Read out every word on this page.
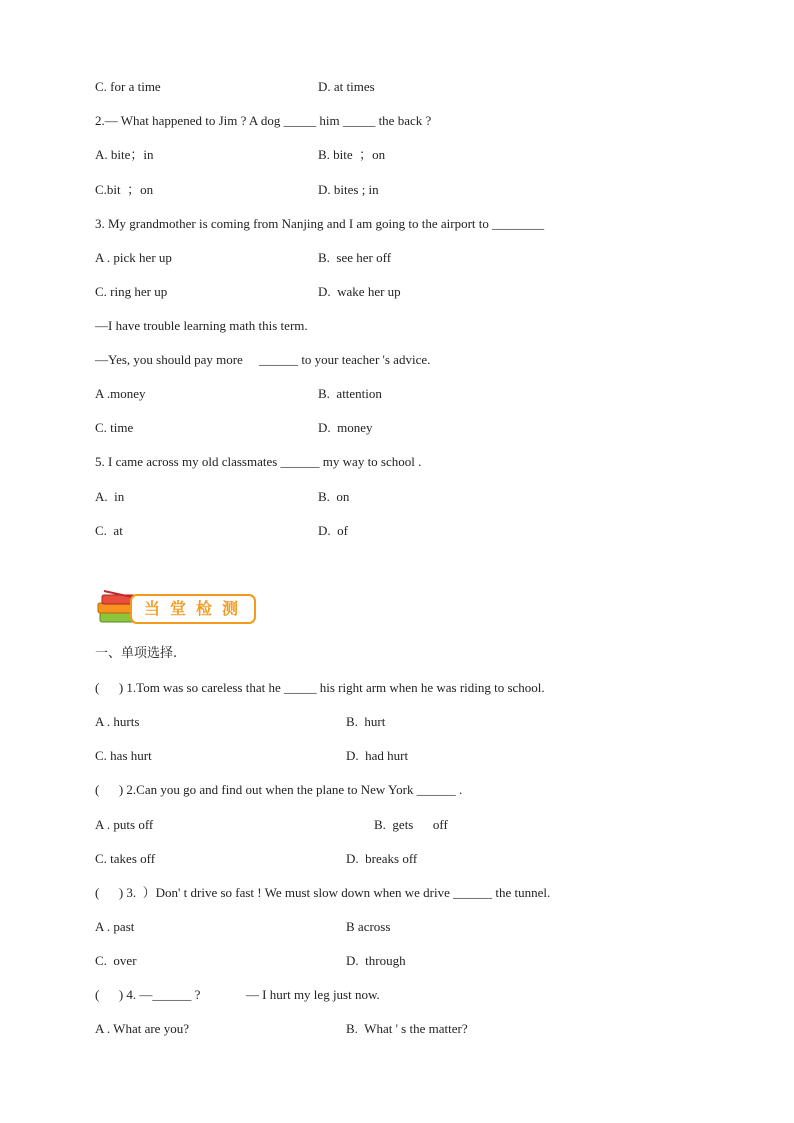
C. for a time	D. at times
2.— What happened to Jim ? A dog _____ him _____ the back ?
A. bite；in	B. bite  ；on
C.bit  ；on	D. bites ; in
3. My grandmother is coming from Nanjing and I am going to the airport to ________
A . pick her up	B.  see her off
C. ring her up	D.  wake her up
—I have trouble learning math this term.
—Yes, you should pay more     ______ to your teacher 's advice.
A .money	B.  attention
C. time	D.  money
5. I came across my old classmates ______ my way to school .
A.  in	B.  on
C.  at	D.  of
当堂检测
一、单项选择.
(      ) 1.Tom was so careless that he _____ his right arm when he was riding to school.
A . hurts	B.  hurt
C. has hurt	D.  had hurt
(      ) 2.Can you go and find out when the plane to New York ______ .
A . puts off	B.  gets      off
C. takes off	D.  breaks off
(      ) 3.  ）Don' t drive so fast ! We must slow down when we drive ______ the tunnel.
A . past	B across
C.  over	D.  through
(      ) 4. —______ ?              — I hurt my leg just now.
A . What are you?	B.  What ' s the matter?
